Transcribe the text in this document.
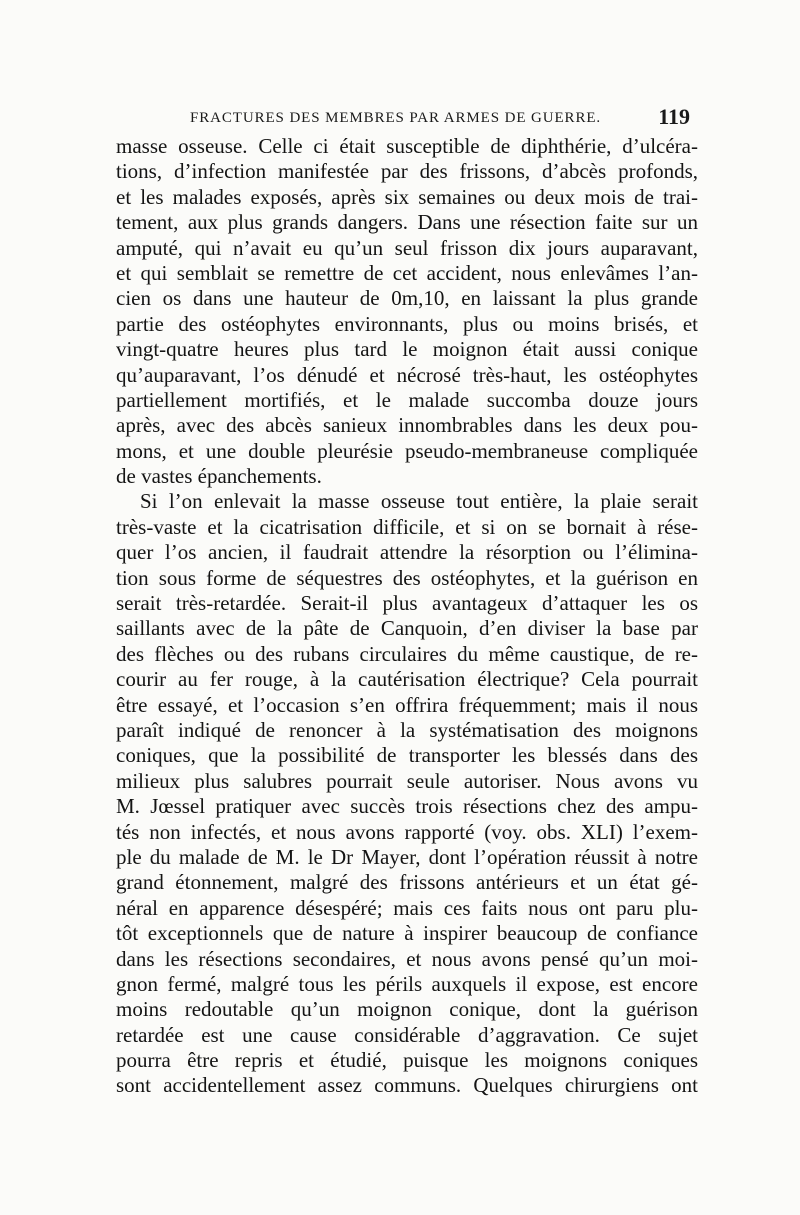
FRACTURES DES MEMBRES PAR ARMES DE GUERRE.	119
masse osseuse. Celle ci était susceptible de diphthérie, d’ulcéra-
tions, d’infection manifestée par des frissons, d’abcès profonds,
et les malades exposés, après six semaines ou deux mois de trai-
tement, aux plus grands dangers. Dans une résection faite sur un
amputé, qui n’avait eu qu’un seul frisson dix jours auparavant,
et qui semblait se remettre de cet accident, nous enlevâmes l’an-
cien os dans une hauteur de 0m,10, en laissant la plus grande
partie des ostéophytes environnants, plus ou moins brisés, et
vingt-quatre heures plus tard le moignon était aussi conique
qu’auparavant, l’os dénudé et nécrosé très-haut, les ostéophytes
partiellement mortifiés, et le malade succomba douze jours
après, avec des abcès sanieux innombrables dans les deux pou-
mons, et une double pleurésie pseudo-membraneuse compliquée
de vastes épanchements.
Si l’on enlevait la masse osseuse tout entière, la plaie serait
très-vaste et la cicatrisation difficile, et si on se bornait à rése-
quer l’os ancien, il faudrait attendre la résorption ou l’élimina-
tion sous forme de séquestres des ostéophytes, et la guérison en
serait très-retardée. Serait-il plus avantageux d’attaquer les os
saillants avec de la pâte de Canquoin, d’en diviser la base par
des flèches ou des rubans circulaires du même caustique, de re-
courir au fer rouge, à la cautérisation électrique? Cela pourrait
être essayé, et l’occasion s’en offrira fréquemment; mais il nous
paraît indiqué de renoncer à la systématisation des moignons
coniques, que la possibilité de transporter les blessés dans des
milieux plus salubres pourrait seule autoriser. Nous avons vu
M. Jœssel pratiquer avec succès trois résections chez des ampu-
tés non infectés, et nous avons rapporté (voy. obs. XLI) l’exem-
ple du malade de M. le Dr Mayer, dont l’opération réussit à notre
grand étonnement, malgré des frissons antérieurs et un état gé-
néral en apparence désespéré; mais ces faits nous ont paru plu-
tôt exceptionnels que de nature à inspirer beaucoup de confiance
dans les résections secondaires, et nous avons pensé qu’un moi-
gnon fermé, malgré tous les périls auxquels il expose, est encore
moins redoutable qu’un moignon conique, dont la guérison
retardée est une cause considérable d’aggravation. Ce sujet
pourra être repris et étudié, puisque les moignons coniques
sont accidentellement assez communs. Quelques chirurgiens ont
